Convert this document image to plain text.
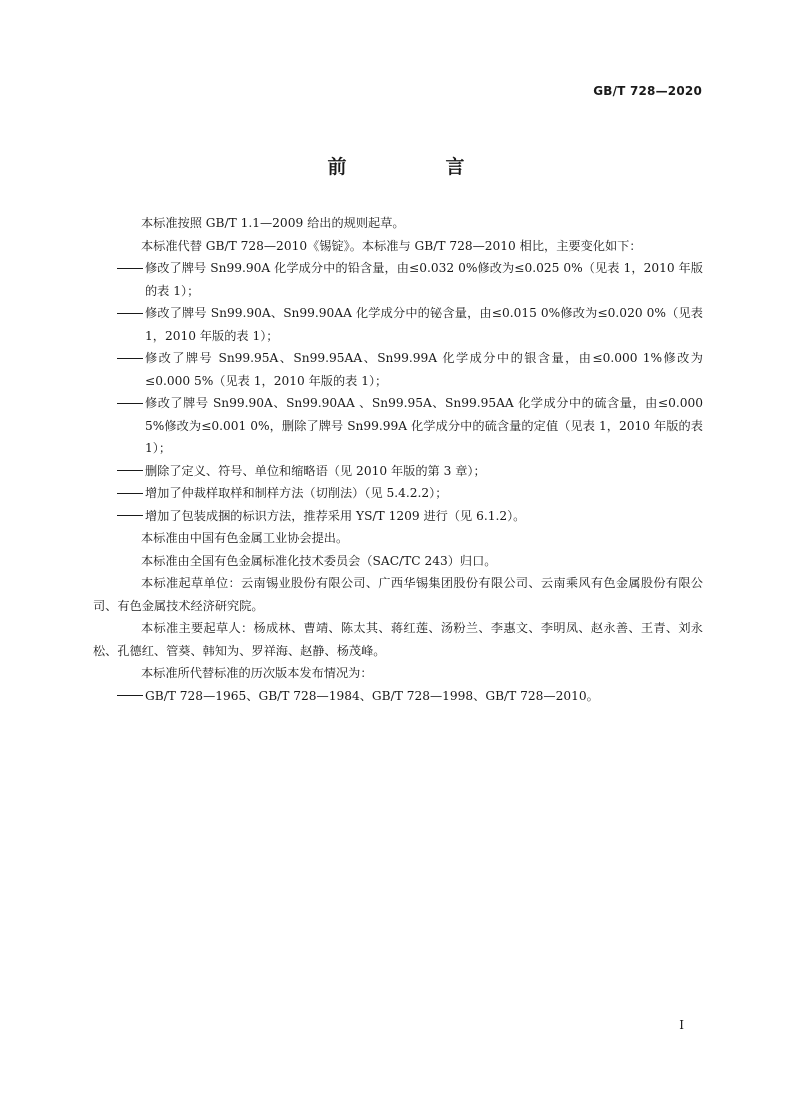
GB/T 728—2020
前　言

本标准按照 GB/T 1.1—2009 给出的规则起草。

本标准代替 GB/T 728—2010《锡锭》。本标准与 GB/T 728—2010 相比，主要变化如下：

修改了牌号 Sn99.90A 化学成分中的铅含量，由≤0.032 0%修改为≤0.025 0%（见表 1，2010 年版的表 1）；
修改了牌号 Sn99.90A、Sn99.90AA 化学成分中的铋含量，由≤0.015 0%修改为≤0.020 0%（见表 1，2010 年版的表 1）；
修改了牌号 Sn99.95A、Sn99.95AA、Sn99.99A 化学成分中的银含量，由≤0.000 1%修改为≤0.000 5%（见表 1，2010 年版的表 1）；
修改了牌号 Sn99.90A、Sn99.90AA 、Sn99.95A、Sn99.95AA 化学成分中的硫含量，由≤0.000 5%修改为≤0.001 0%，删除了牌号 Sn99.99A 化学成分中的硫含量的定值（见表 1，2010 年版的表 1）；
删除了定义、符号、单位和缩略语（见 2010 年版的第 3 章）；
增加了仲裁样取样和制样方法（切削法）（见 5.4.2.2）；
增加了包装成捆的标识方法，推荐采用 YS/T 1209 进行（见 6.1.2）。

本标准由中国有色金属工业协会提出。

本标准由全国有色金属标准化技术委员会（SAC/TC 243）归口。

本标准起草单位：云南锡业股份有限公司、广西华锡集团股份有限公司、云南乘风有色金属股份有限公司、有色金属技术经济研究院。

本标准主要起草人：杨成林、曹靖、陈太其、蒋红莲、汤粉兰、李惠文、李明凤、赵永善、王青、刘永松、孔德红、管葵、韩知为、罗祥海、赵静、杨茂峰。

本标准所代替标准的历次版本发布情况为：

GB/T 728—1965、GB/T 728—1984、GB/T 728—1998、GB/T 728—2010。
I
